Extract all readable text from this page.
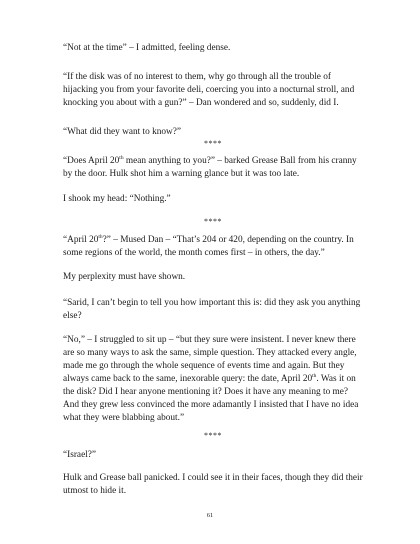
“Not at the time” – I admitted, feeling dense.

“If the disk was of no interest to them, why go through all the trouble of hijacking you from your favorite deli, coercing you into a nocturnal stroll, and knocking you about with a gun?” – Dan wondered and so, suddenly, did I.

“What did they want to know?”

****

“Does April 20th mean anything to you?” – barked Grease Ball from his cranny by the door. Hulk shot him a warning glance but it was too late.

I shook my head: “Nothing.”

****

“April 20th?” – Mused Dan – “That’s 204 or 420, depending on the country. In some regions of the world, the month comes first – in others, the day.”

My perplexity must have shown.

“Sarid, I can’t begin to tell you how important this is: did they ask you anything else?

“No,” – I struggled to sit up – “but they sure were insistent. I never knew there are so many ways to ask the same, simple question. They attacked every angle, made me go through the whole sequence of events time and again. But they always came back to the same, inexorable query: the date, April 20th. Was it on the disk? Did I hear anyone mentioning it? Does it have any meaning to me? And they grew less convinced the more adamantly I insisted that I have no idea what they were blabbing about.”

****

“Israel?”

Hulk and Grease ball panicked. I could see it in their faces, though they did their utmost to hide it.

61
